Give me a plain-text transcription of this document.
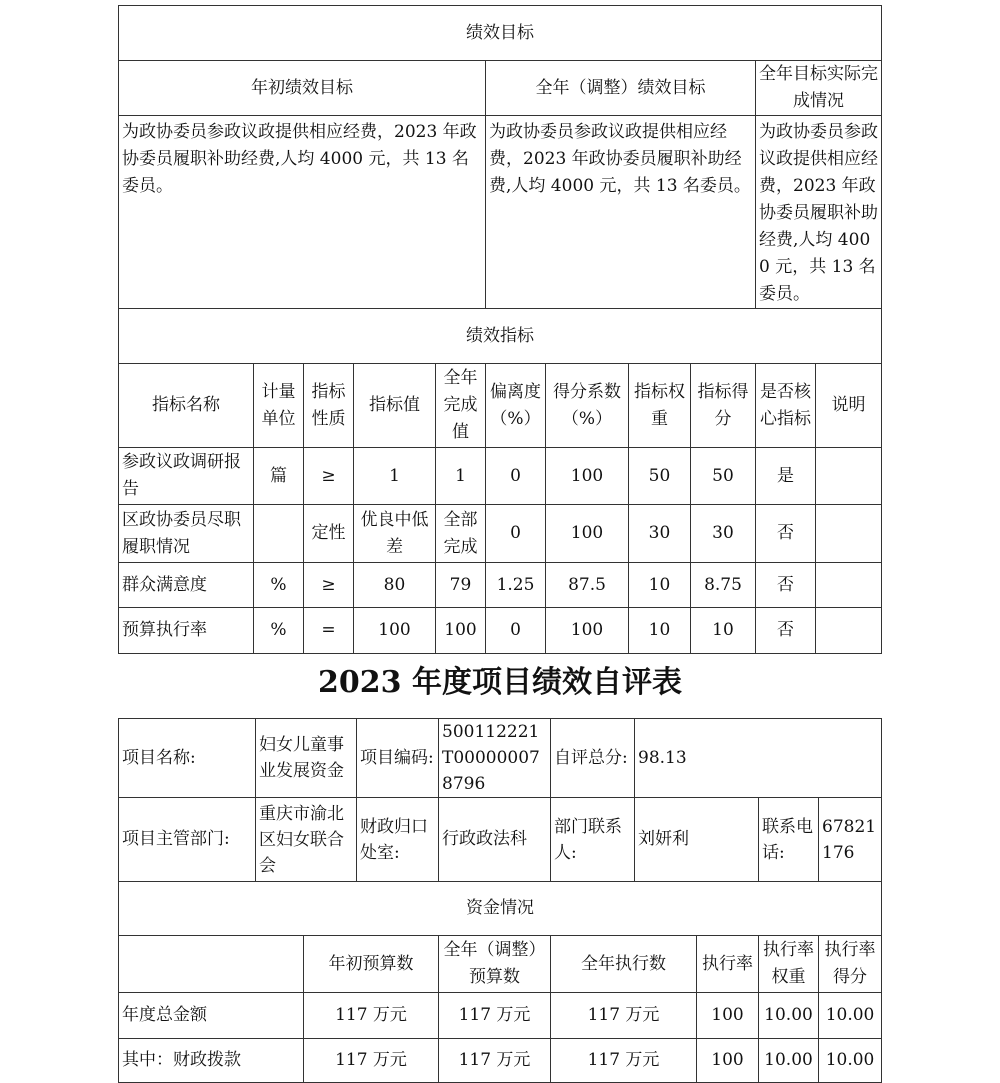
绩效目标										
年初绩效目标					全年（调整）绩效目标				全年目标实际完成情况	
为政协委员参政议政提供相应经费，2023 年政协委员履职补助经费,人均 4000 元，共 13 名委员。					为政协委员参政议政提供相应经费，2023 年政协委员履职补助经费,人均 4000 元，共 13 名委员。				为政协委员参政议政提供相应经费，2023 年政协委员履职补助经费,人均 4000 元，共 13 名委员。	
绩效指标										
指标名称	计量单位	指标性质	指标值	全年完成值	偏离度（%）	得分系数（%）	指标权重	指标得分	是否核心指标	说明
参政议政调研报告	篇	≥	1	1	0	100	50	50	是	
区政协委员尽职履职情况		定性	优良中低差	全部完成	0	100	30	30	否	
群众满意度	%	≥	80	79	1.25	87.5	10	8.75	否	
预算执行率	%	=	100	100	0	100	10	10	否	
2023 年度项目绩效自评表
项目名称:	妇女儿童事业发展资金		项目编码:	500112221T000000078796	自评总分:	98.13			
项目主管部门:	重庆市渝北区妇女联合会		财政归口处室:	行政政法科	部门联系人:	刘妍利		联系电话:	67821176
资金情况									
		年初预算数		全年（调整）预算数	全年执行数		执行率	执行率权重	执行率得分
年度总金额		117 万元		117 万元	117 万元		100	10.00	10.00
其中：财政拨款		117 万元		117 万元	117 万元		100	10.00	10.00
